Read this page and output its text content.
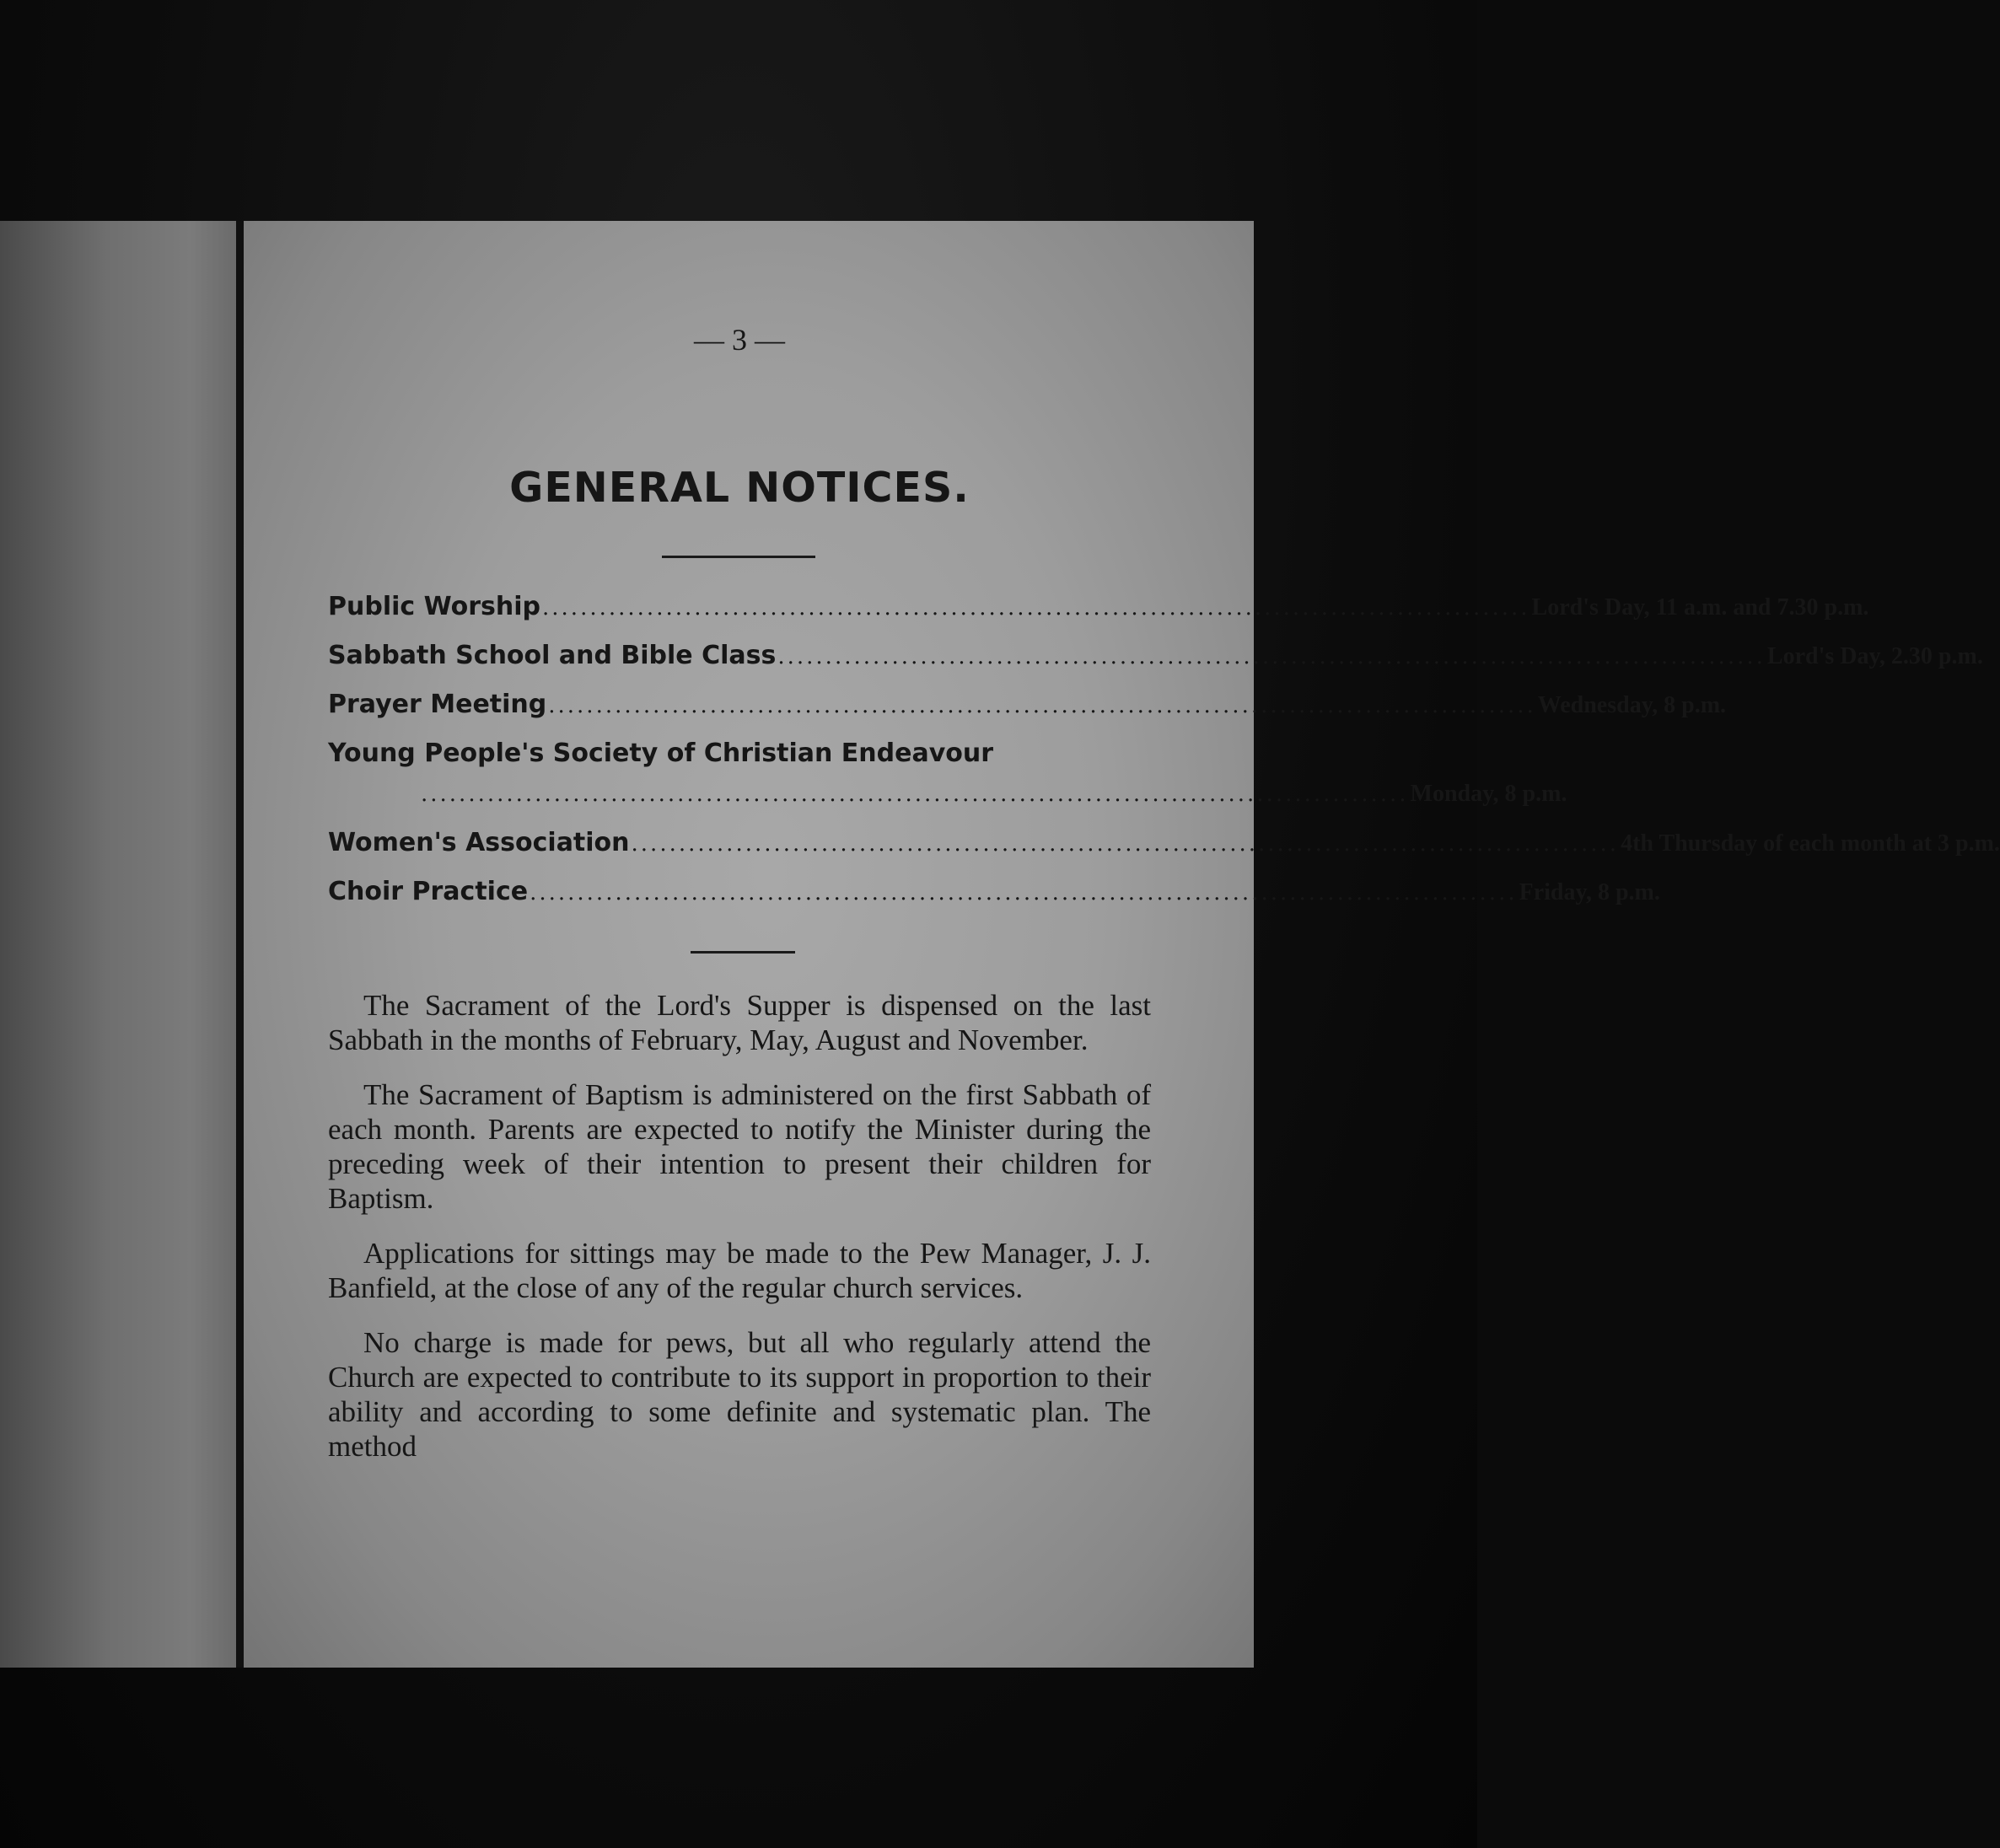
— 3 —
GENERAL NOTICES.
Public Worship ........................................................................................................ Lord's Day, 11 a.m. and 7.30 p.m.
Sabbath School and Bible Class ........................................................................................................ Lord's Day, 2.30 p.m.
Prayer Meeting ........................................................................................................ Wednesday, 8 p.m.
Young People's Society of Christian Endeavour
........................................................................................................ Monday, 8 p.m.
Women's Association ........................................................................................................ 4th Thursday of each month at 3 p.m.
Choir Practice ........................................................................................................ Friday, 8 p.m.

The Sacrament of the Lord's Supper is dispensed on the last Sabbath in the months of February, May, August and November.

The Sacrament of Baptism is administered on the first Sabbath of each month. Parents are expected to notify the Minister during the preceding week of their intention to present their children for Baptism.

Applications for sittings may be made to the Pew Manager, J. J. Banfield, at the close of any of the regular church services.

No charge is made for pews, but all who regularly attend the Church are expected to contribute to its support in proportion to their ability and according to some definite and systematic plan. The method
